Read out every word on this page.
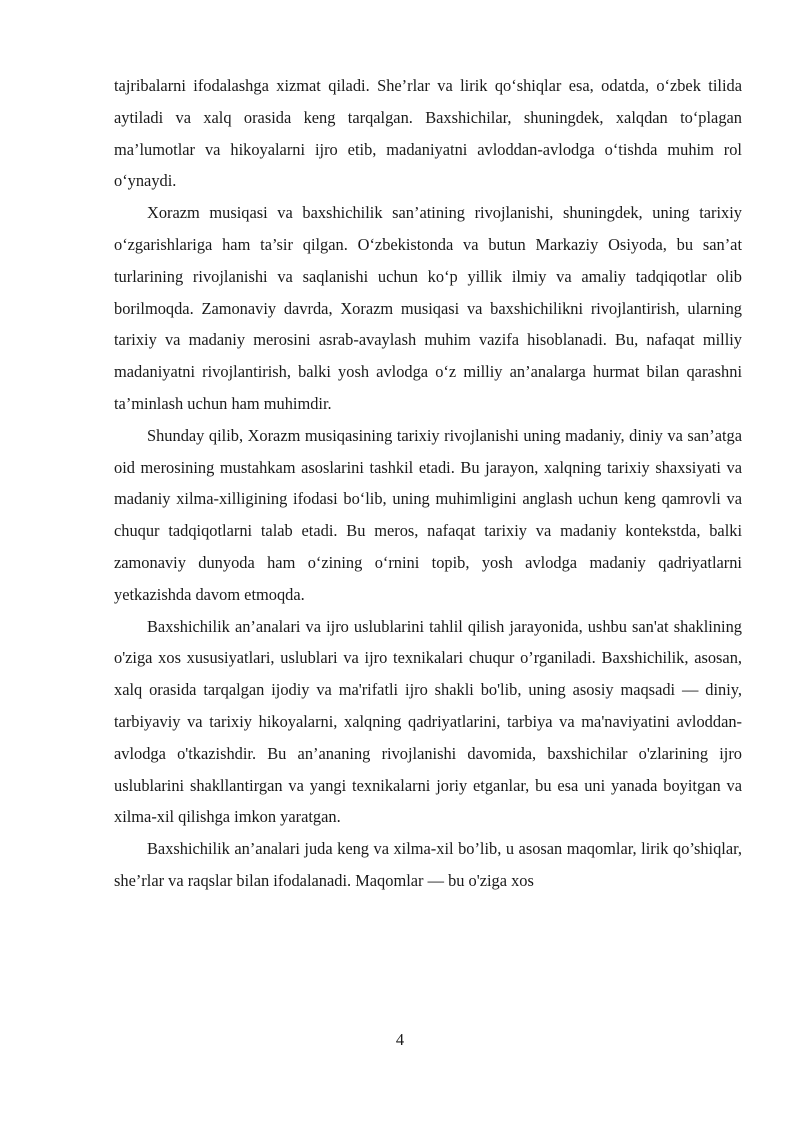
tajribalarni ifodalashga xizmat qiladi. She’rlar va lirik qo‘shiqlar esa, odatda, o‘zbek tilida aytiladi va xalq orasida keng tarqalgan. Baxshichilar, shuningdek, xalqdan to‘plagan ma’lumotlar va hikoyalarni ijro etib, madaniyatni avloddan-avlodga o‘tishda muhim rol o‘ynaydi.

Xorazm musiqasi va baxshichilik san’atining rivojlanishi, shuningdek, uning tarixiy o‘zgarishlariga ham ta’sir qilgan. O‘zbekistonda va butun Markaziy Osiyoda, bu san’at turlarining rivojlanishi va saqlanishi uchun ko‘p yillik ilmiy va amaliy tadqiqotlar olib borilmoqda. Zamonaviy davrda, Xorazm musiqasi va baxshichilikni rivojlantirish, ularning tarixiy va madaniy merosini asrab-avaylash muhim vazifa hisoblanadi. Bu, nafaqat milliy madaniyatni rivojlantirish, balki yosh avlodga o‘z milliy an’analarga hurmat bilan qarashni ta’minlash uchun ham muhimdir.

Shunday qilib, Xorazm musiqasining tarixiy rivojlanishi uning madaniy, diniy va san’atga oid merosining mustahkam asoslarini tashkil etadi. Bu jarayon, xalqning tarixiy shaxsiyati va madaniy xilma-xilligining ifodasi bo‘lib, uning muhimligini anglash uchun keng qamrovli va chuqur tadqiqotlarni talab etadi. Bu meros, nafaqat tarixiy va madaniy kontekstda, balki zamonaviy dunyoda ham o‘zining o‘rnini topib, yosh avlodga madaniy qadriyatlarni yetkazishda davom etmoqda.

Baxshichilik an’analari va ijro uslublarini tahlil qilish jarayonida, ushbu san'at shaklining o'ziga xos xususiyatlari, uslublari va ijro texnikalari chuqur o’rganiladi. Baxshichilik, asosan, xalq orasida tarqalgan ijodiy va ma'rifatli ijro shakli bo'lib, uning asosiy maqsadi — diniy, tarbiyaviy va tarixiy hikoyalarni, xalqning qadriyatlarini, tarbiya va ma'naviyatini avloddan-avlodga o'tkazishdir. Bu an’ananing rivojlanishi davomida, baxshichilar o'zlarining ijro uslublarini shakllantirgan va yangi texnikalarni joriy etganlar, bu esa uni yanada boyitgan va xilma-xil qilishga imkon yaratgan.

Baxshichilik an’analari juda keng va xilma-xil bo’lib, u asosan maqomlar, lirik qo’shiqlar, she’rlar va raqslar bilan ifodalanadi. Maqomlar — bu o'ziga xos

4
